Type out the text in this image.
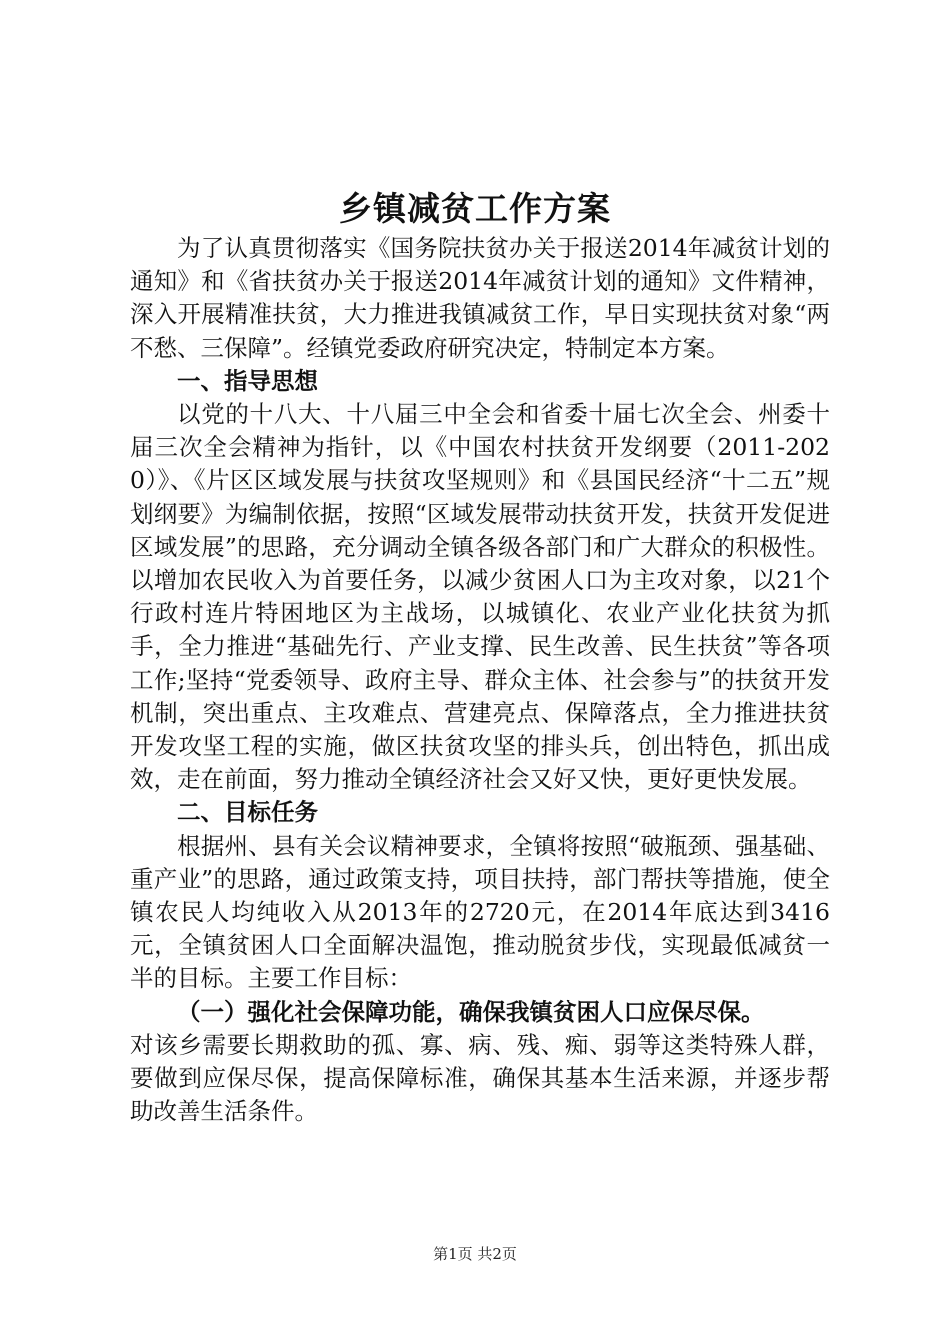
乡镇减贫工作方案

为了认真贯彻落实《国务院扶贫办关于报送2014年减贫计划的通知》和《省扶贫办关于报送2014年减贫计划的通知》文件精神，深入开展精准扶贫，大力推进我镇减贫工作，早日实现扶贫对象“两不愁、三保障”。经镇党委政府研究决定，特制定本方案。

一、指导思想

以党的十八大、十八届三中全会和省委十届七次全会、州委十届三次全会精神为指针，以《中国农村扶贫开发纲要（2011-2020）》、《片区区域发展与扶贫攻坚规则》和《县国民经济“十二五”规划纲要》为编制依据，按照“区域发展带动扶贫开发，扶贫开发促进区域发展”的思路，充分调动全镇各级各部门和广大群众的积极性。以增加农民收入为首要任务，以减少贫困人口为主攻对象，以21个行政村连片特困地区为主战场，以城镇化、农业产业化扶贫为抓手，全力推进“基础先行、产业支撑、民生改善、民生扶贫”等各项工作;坚持“党委领导、政府主导、群众主体、社会参与”的扶贫开发机制，突出重点、主攻难点、营建亮点、保障落点，全力推进扶贫开发攻坚工程的实施，做区扶贫攻坚的排头兵，创出特色，抓出成效，走在前面，努力推动全镇经济社会又好又快，更好更快发展。

二、目标任务

根据州、县有关会议精神要求，全镇将按照“破瓶颈、强基础、重产业”的思路，通过政策支持，项目扶持，部门帮扶等措施，使全镇农民人均纯收入从2013年的2720元，在2014年底达到3416元，全镇贫困人口全面解决温饱，推动脱贫步伐，实现最低减贫一半的目标。主要工作目标：

（一）强化社会保障功能，确保我镇贫困人口应保尽保。

对该乡需要长期救助的孤、寡、病、残、痴、弱等这类特殊人群，要做到应保尽保，提高保障标准，确保其基本生活来源，并逐步帮助改善生活条件。

第1页 共2页
